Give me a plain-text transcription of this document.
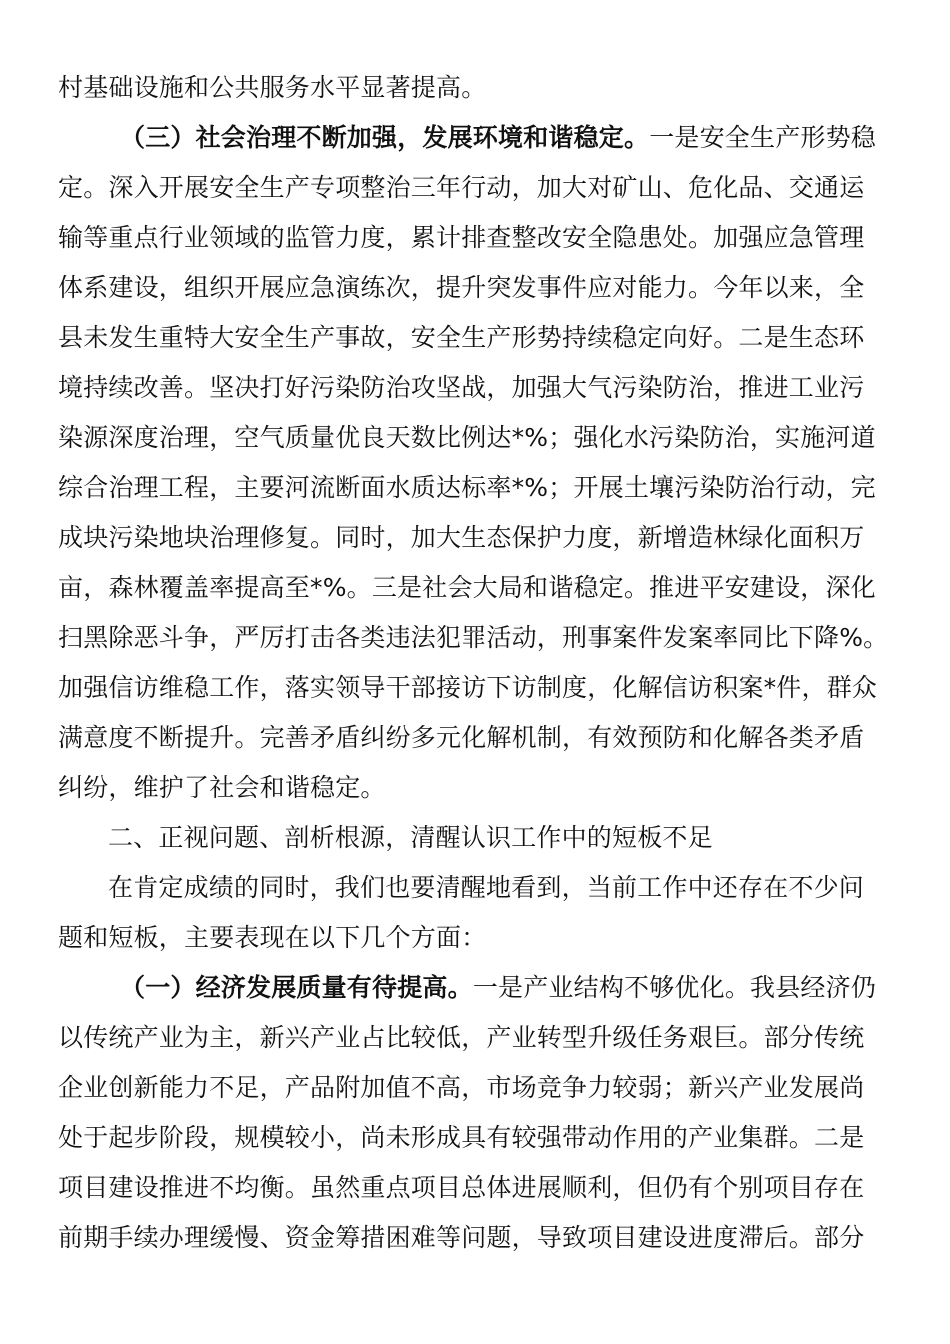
村基础设施和公共服务水平显著提高。
（三）社会治理不断加强，发展环境和谐稳定。一是安全生产形势稳
定。深入开展安全生产专项整治三年行动，加大对矿山、危化品、交通运
输等重点行业领域的监管力度，累计排查整改安全隐患处。加强应急管理
体系建设，组织开展应急演练次，提升突发事件应对能力。今年以来，全
县未发生重特大安全生产事故，安全生产形势持续稳定向好。二是生态环
境持续改善。坚决打好污染防治攻坚战，加强大气污染防治，推进工业污
染源深度治理，空气质量优良天数比例达*%；强化水污染防治，实施河道
综合治理工程，主要河流断面水质达标率*%；开展土壤污染防治行动，完
成块污染地块治理修复。同时，加大生态保护力度，新增造林绿化面积万
亩，森林覆盖率提高至*%。三是社会大局和谐稳定。推进平安建设，深化
扫黑除恶斗争，严厉打击各类违法犯罪活动，刑事案件发案率同比下降%。
加强信访维稳工作，落实领导干部接访下访制度，化解信访积案*件，群众
满意度不断提升。完善矛盾纠纷多元化解机制，有效预防和化解各类矛盾
纠纷，维护了社会和谐稳定。
二、正视问题、剖析根源，清醒认识工作中的短板不足
在肯定成绩的同时，我们也要清醒地看到，当前工作中还存在不少问
题和短板，主要表现在以下几个方面：
（一）经济发展质量有待提高。一是产业结构不够优化。我县经济仍
以传统产业为主，新兴产业占比较低，产业转型升级任务艰巨。部分传统
企业创新能力不足，产品附加值不高，市场竞争力较弱；新兴产业发展尚
处于起步阶段，规模较小，尚未形成具有较强带动作用的产业集群。二是
项目建设推进不均衡。虽然重点项目总体进展顺利，但仍有个别项目存在
前期手续办理缓慢、资金筹措困难等问题，导致项目建设进度滞后。部分
